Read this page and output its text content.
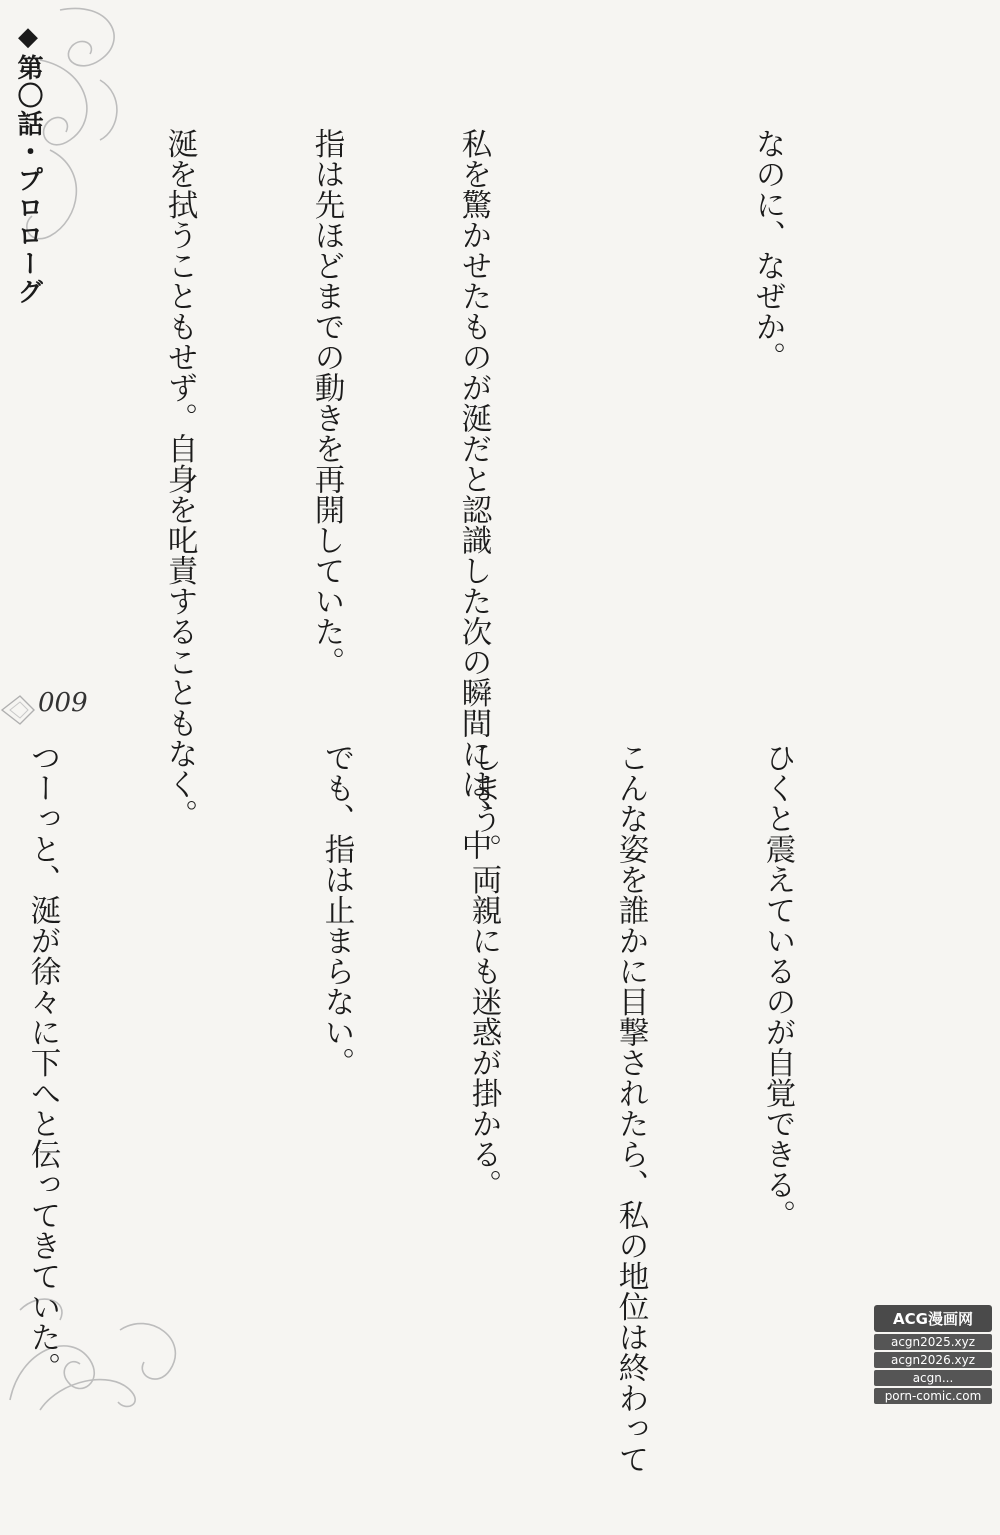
◆第〇話・プロローグ
009

なのに、なぜか。

私を驚かせたものが涎だと認識した次の瞬間には、中

指は先ほどまでの動きを再開していた。

涎を拭うこともせず。自身を叱責することもなく。

ひくと震えているのが自覚できる。

こんな姿を誰かに目撃されたら、私の地位は終わって

しまう。両親にも迷惑が掛かる。

でも、指は止まらない。

つーっと、涎が徐々に下へと伝ってきていた。

	ACG漫画网
acgn2025.xyz
acgn2026.xyz
acgn...
porn-comic.com
